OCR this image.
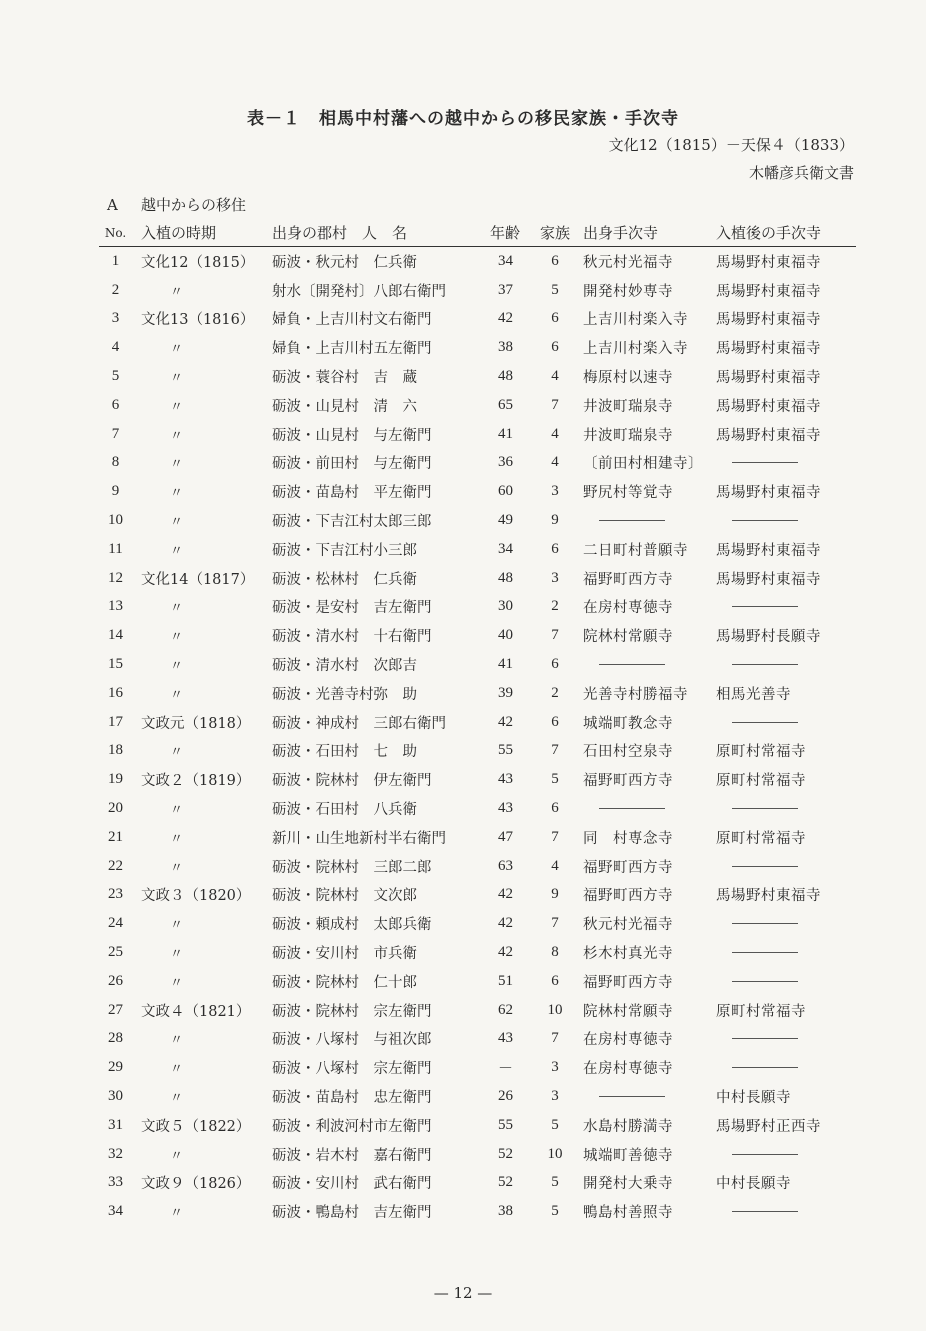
表－１　相馬中村藩への越中からの移民家族・手次寺
文化12（1815）－天保４（1833）
木幡彦兵衛文書
A 越中からの移住
No.	入植の時期	出身の郡村　人　名	年齢	家族	出身手次寺	入植後の手次寺
1	文化12（1815）	砺波・秋元村　仁兵衛	34	6	秋元村光福寺	馬場野村東福寺
2	〃	射水〔開発村〕八郎右衛門	37	5	開発村妙専寺	馬場野村東福寺
3	文化13（1816）	婦負・上吉川村文右衛門	42	6	上吉川村楽入寺	馬場野村東福寺
4	〃	婦負・上吉川村五左衛門	38	6	上吉川村楽入寺	馬場野村東福寺
5	〃	砺波・蓑谷村　吉　蔵	48	4	梅原村以速寺	馬場野村東福寺
6	〃	砺波・山見村　清　六	65	7	井波町瑞泉寺	馬場野村東福寺
7	〃	砺波・山見村　与左衛門	41	4	井波町瑞泉寺	馬場野村東福寺
8	〃	砺波・前田村　与左衛門	36	4	〔前田村相建寺〕	
9	〃	砺波・苗島村　平左衛門	60	3	野尻村等覚寺	馬場野村東福寺
10	〃	砺波・下吉江村太郎三郎	49	9		
11	〃	砺波・下吉江村小三郎	34	6	二日町村普願寺	馬場野村東福寺
12	文化14（1817）	砺波・松林村　仁兵衛	48	3	福野町西方寺	馬場野村東福寺
13	〃	砺波・是安村　吉左衛門	30	2	在房村専徳寺	
14	〃	砺波・清水村　十右衛門	40	7	院林村常願寺	馬場野村長願寺
15	〃	砺波・清水村　次郎吉	41	6		
16	〃	砺波・光善寺村弥　助	39	2	光善寺村勝福寺	相馬光善寺
17	文政元（1818）	砺波・神成村　三郎右衛門	42	6	城端町教念寺	
18	〃	砺波・石田村　七　助	55	7	石田村空泉寺	原町村常福寺
19	文政２（1819）	砺波・院林村　伊左衛門	43	5	福野町西方寺	原町村常福寺
20	〃	砺波・石田村　八兵衛	43	6		
21	〃	新川・山生地新村半右衛門	47	7	同　村専念寺	原町村常福寺
22	〃	砺波・院林村　三郎二郎	63	4	福野町西方寺	
23	文政３（1820）	砺波・院林村　文次郎	42	9	福野町西方寺	馬場野村東福寺
24	〃	砺波・頼成村　太郎兵衛	42	7	秋元村光福寺	
25	〃	砺波・安川村　市兵衛	42	8	杉木村真光寺	
26	〃	砺波・院林村　仁十郎	51	6	福野町西方寺	
27	文政４（1821）	砺波・院林村　宗左衛門	62	10	院林村常願寺	原町村常福寺
28	〃	砺波・八塚村　与祖次郎	43	7	在房村専徳寺	
29	〃	砺波・八塚村　宗左衛門	－	3	在房村専徳寺	
30	〃	砺波・苗島村　忠左衛門	26	3		中村長願寺
31	文政５（1822）	砺波・利波河村市左衛門	55	5	水島村勝満寺	馬場野村正西寺
32	〃	砺波・岩木村　嘉右衛門	52	10	城端町善徳寺	
33	文政９（1826）	砺波・安川村　武右衛門	52	5	開発村大乗寺	中村長願寺
34	〃	砺波・鴨島村　吉左衛門	38	5	鴨島村善照寺	
— 12 —
